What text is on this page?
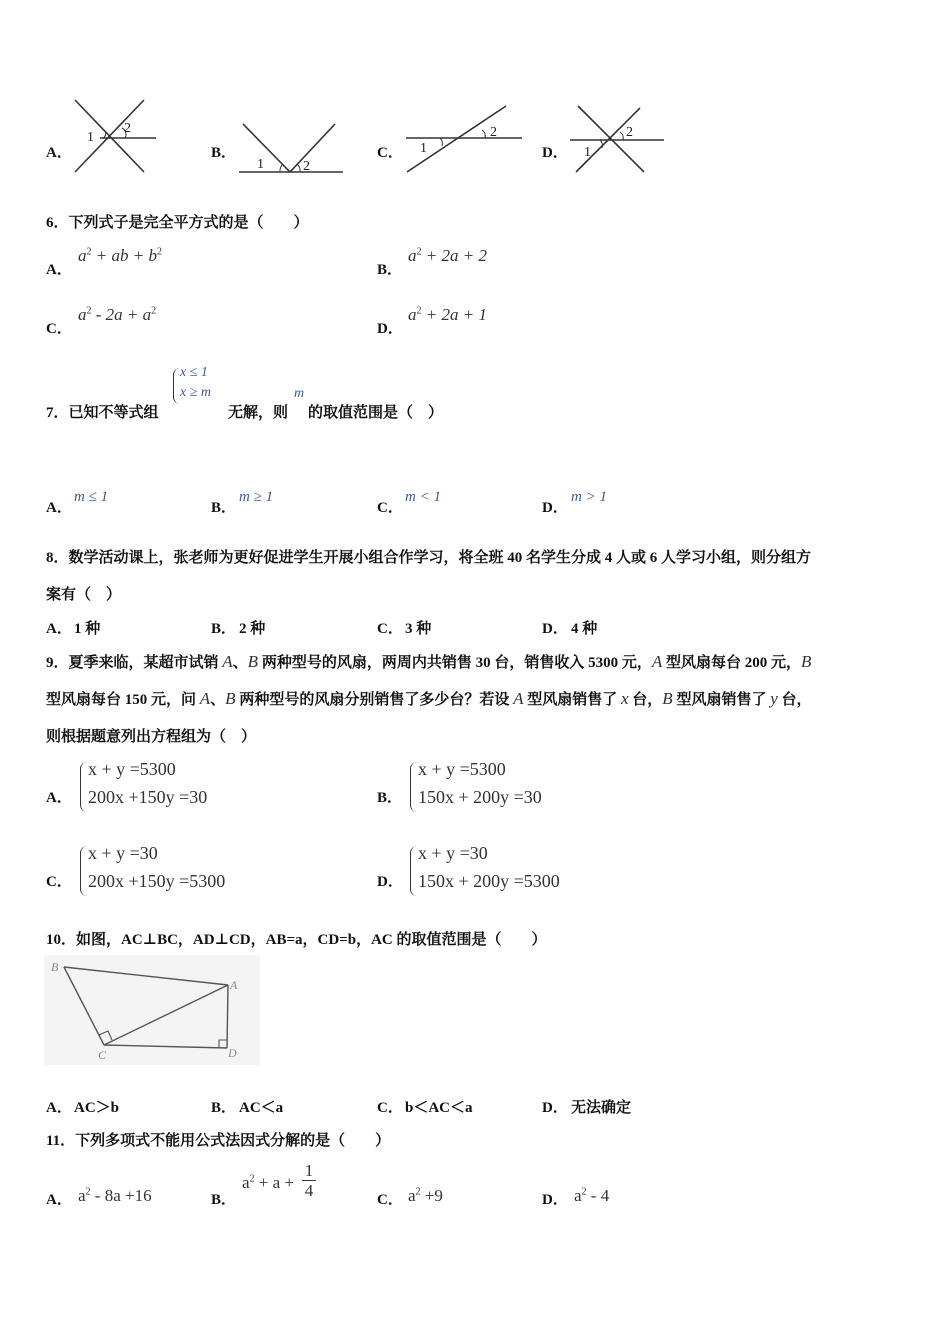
A．
1
2
B．
1	2
C． 1
2
D． 1
2
6．下列式子是完全平方式的是（　　）
A．
$a^2$ + ab + $b^2$
B．
$a^2 + 2a + 2$
C．
$a^2 - 2a + a^2$
D．
$a^2 + 2a + 1$
x ≤ 1
x ≥ m
7．已知不等式组	无解，则
m
的取值范围是（　）
A．
m ≤ 1
B．
m ≥ 1
C．
m < 1
D．
m > 1
8．数学活动课上，张老师为更好促进学生开展小组合作学习，将全班 40 名学生分成 4 人或 6 人学习小组，则分组方
案有（　）
A． 1 种	B． 2 种	C． 3 种	D． 4 种
9．夏季来临，某超市试销 A、B 两种型号的风扇，两周内共销售 30 台，销售收入 5300 元，A 型风扇每台 200 元，B
型风扇每台 150 元，问 A、B 两种型号的风扇分别销售了多少台？若设 A 型风扇销售了 x 台，B 型风扇销售了 y 台，
则根据题意列出方程组为（　）
A．
x + y =5300
200x +150y =30	B．
x + y =5300
150x + 200y =30
C．
x + y =30
200x +150y =5300	D．
x + y =30
150x + 200y =5300
10．如图，AC⊥BC，AD⊥CD，AB=a，CD=b，AC 的取值范围是（　　）
B
A
C	D
A． AC＞b	B． AC＜a	C． b＜AC＜a	D． 无法确定
11．下列多项式不能用公式法因式分解的是（　　）
A． $a^2 - 8a +16$	B．
$a^2 + a$ +
1
4	C． $a^2 +9$	D． $a^2 - 4$
